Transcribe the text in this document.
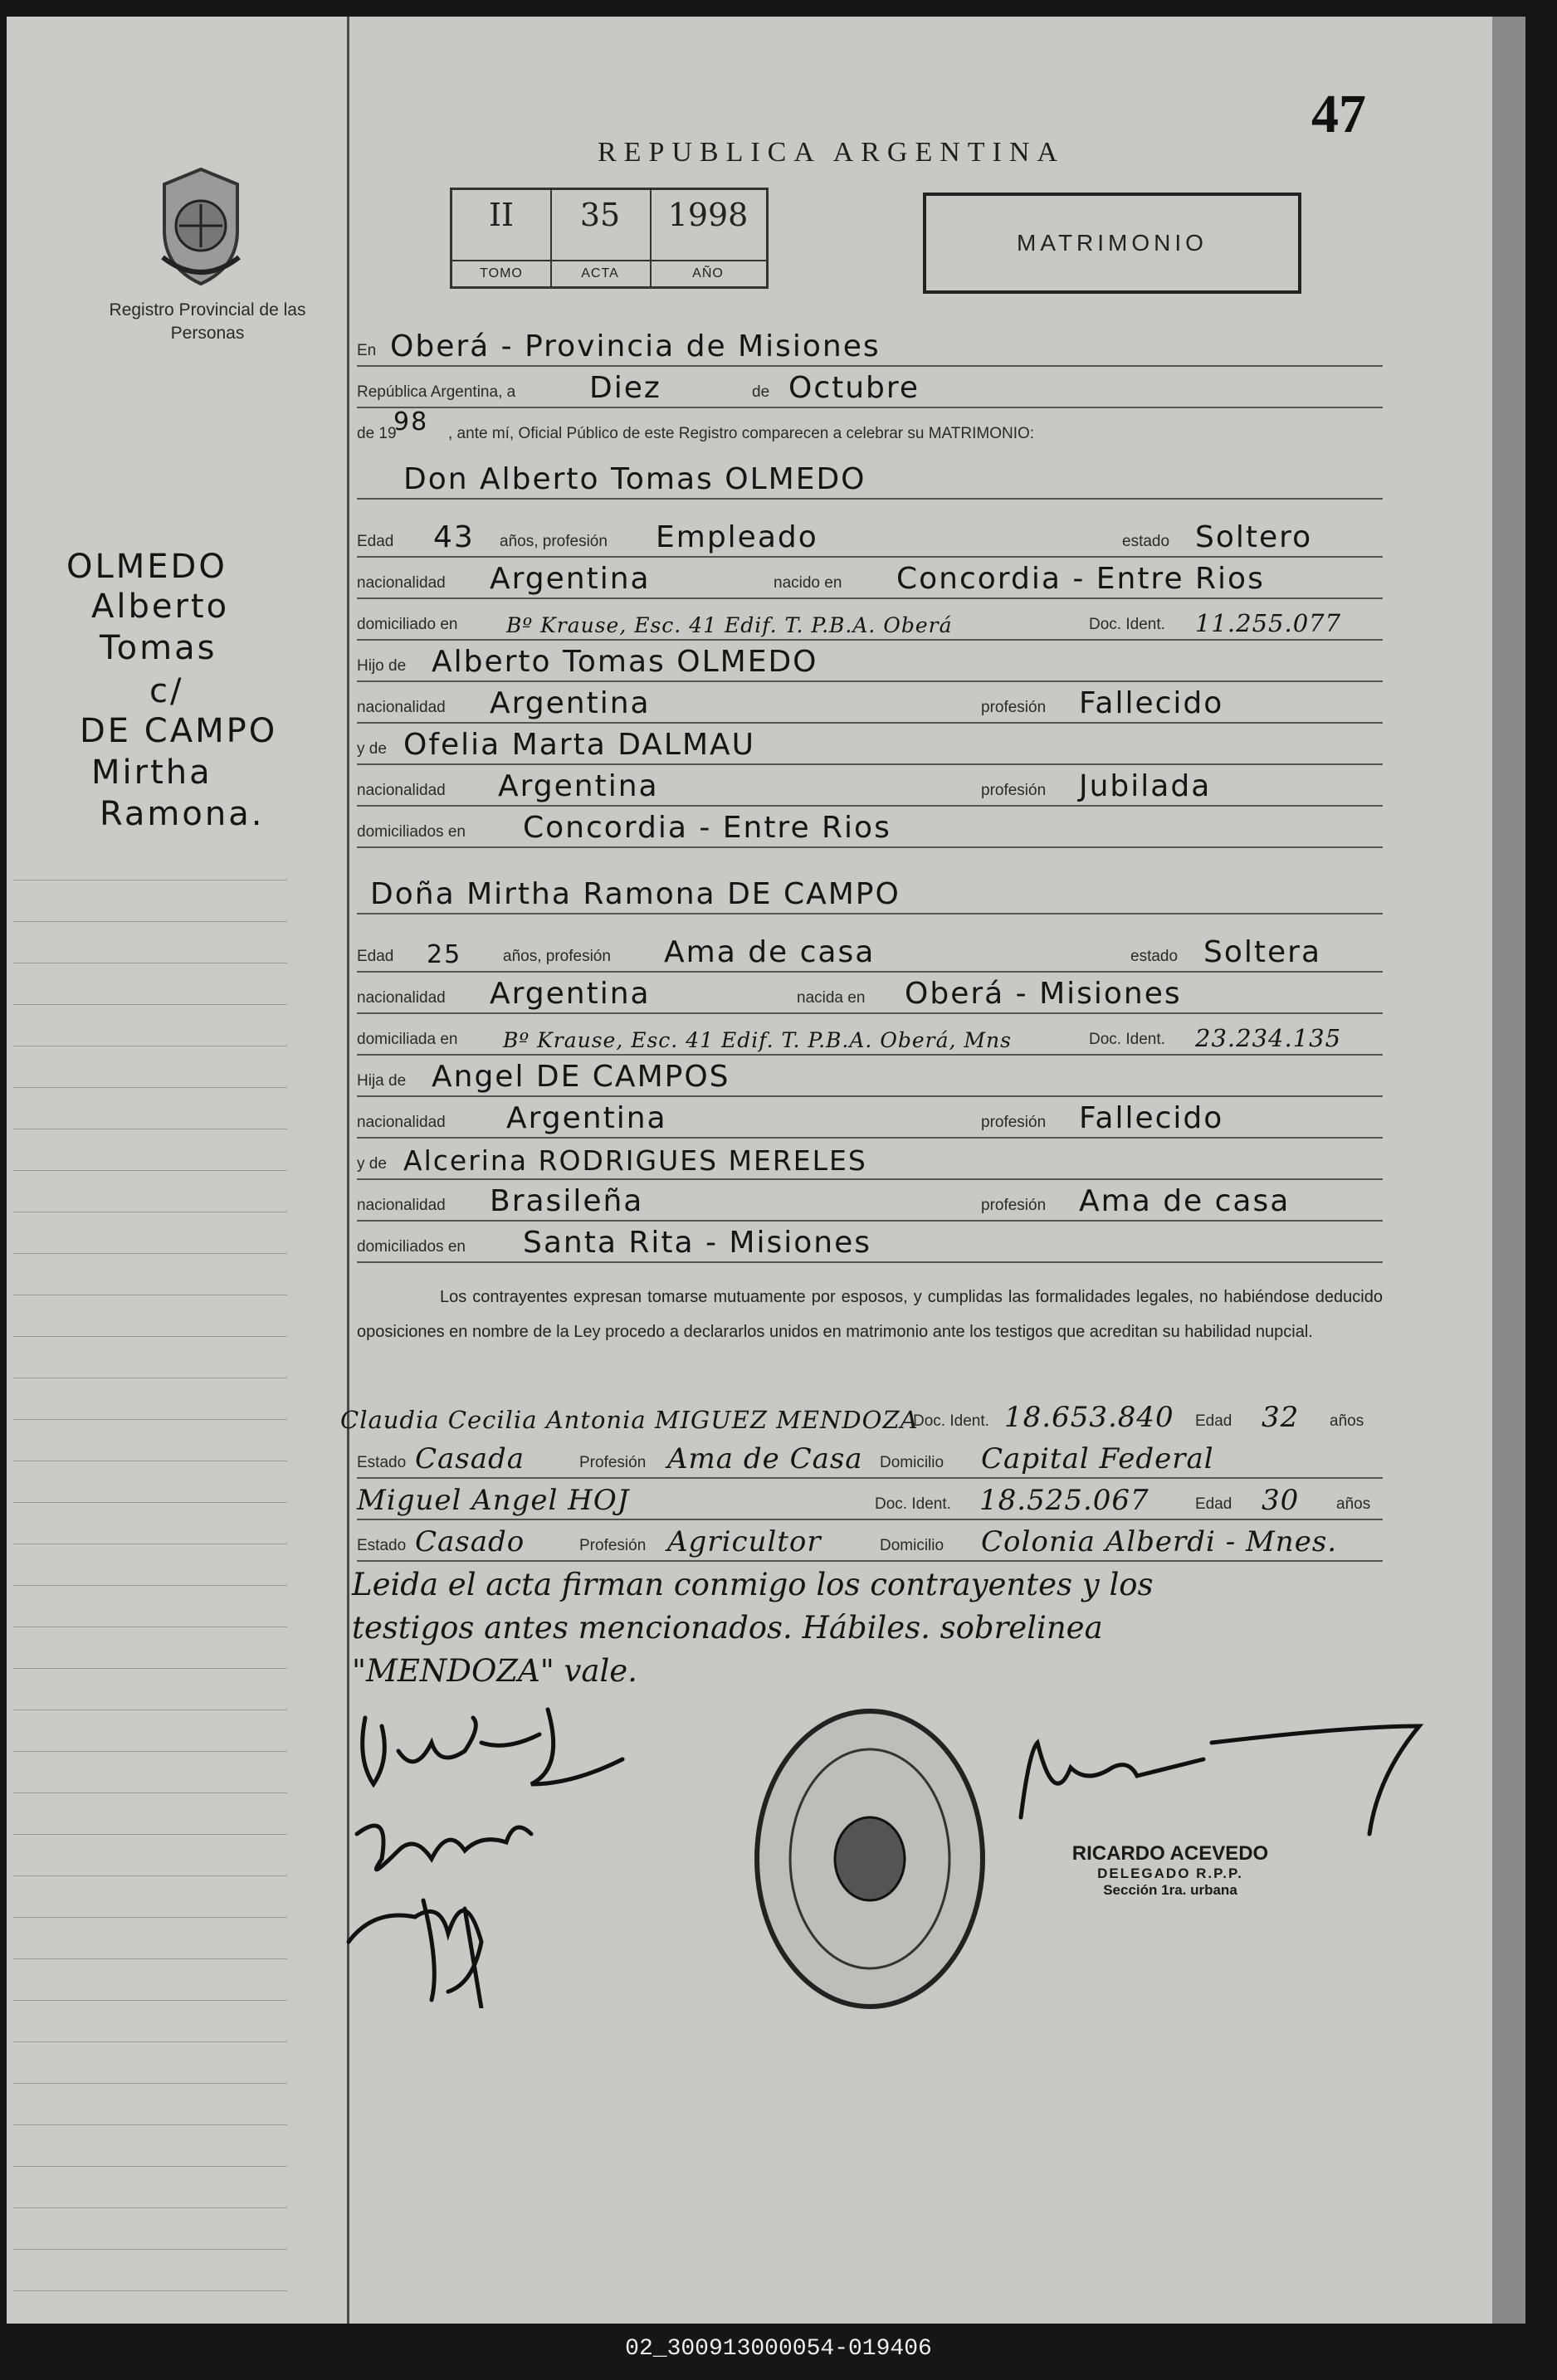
47
REPUBLICA ARGENTINA
Registro Provincial de las Personas
II
TOMO
35
ACTA
1998
AÑO
MATRIMONIO
OLMEDO
Alberto
Tomas
c/
DE CAMPO
Mirtha
Ramona.
En Oberá - Provincia de Misiones
República Argentina, a Diez	de Octubre
de 19
98 , ante mí, Oficial Público de este Registro comparecen a celebrar su MATRIMONIO:
Don Alberto Tomas OLMEDO
Edad 43 años, profesión Empleado	estado Soltero
nacionalidad Argentina	nacido en Concordia - Entre Rios
domiciliado en Bº Krause, Esc. 41 Edif. T. P.B.A. Oberá	Doc. Ident. 11.255.077
Hijo de Alberto Tomas OLMEDO
nacionalidad Argentina	profesión Fallecido
y de Ofelia Marta DALMAU
nacionalidad Argentina	profesión Jubilada
domiciliados en Concordia - Entre Rios
Doña Mirtha Ramona DE CAMPO
Edad 25	años, profesión Ama de casa	estado Soltera
nacionalidad Argentina	nacida en Oberá - Misiones
domiciliada en Bº Krause, Esc. 41 Edif. T. P.B.A. Oberá, Mns	Doc. Ident. 23.234.135
Hija de Angel DE CAMPOS
nacionalidad Argentina	profesión Fallecido
y de Alcerina RODRIGUES MERELES
nacionalidad Brasileña	profesión Ama de casa
domiciliados en Santa Rita - Misiones
Los contrayentes expresan tomarse mutuamente por esposos, y cumplidas las formalidades legales, no habiéndose deducido oposiciones en nombre de la Ley procedo a declararlos unidos en matrimonio ante los testigos que acreditan su habilidad nupcial.
Claudia Cecilia Antonia MIGUEZ MENDOZA
Doc. Ident. 18.653.840 Edad 32 años
Estado Casada	Profesión Ama de Casa Domicilio Capital Federal
Miguel Angel HOJ	Doc. Ident. 18.525.067	Edad 30 años
Estado Casado	Profesión Agricultor	Domicilio Colonia Alberdi - Mnes.
Leida el acta firman conmigo los contrayentes y los
testigos antes mencionados. Hábiles. sobrelinea
"MENDOZA" vale.
RICARDO ACEVEDO
DELEGADO R.P.P.
Sección 1ra. urbana
02_300913000054-019406
